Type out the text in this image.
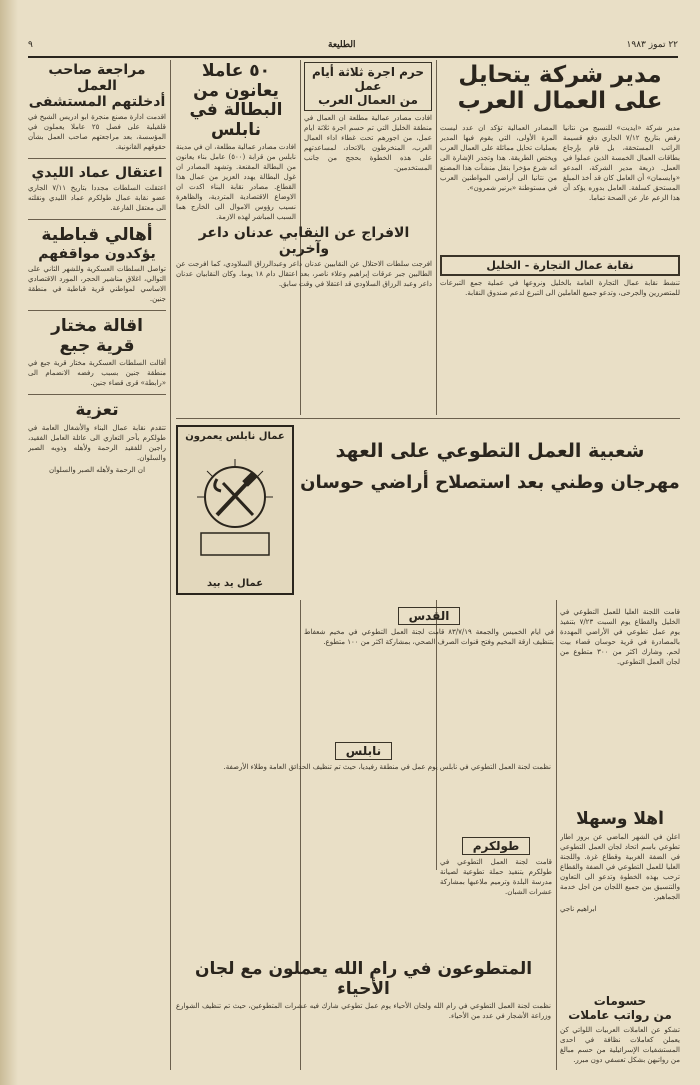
٢٢ تموز ١٩٨٣
الطليعة
٩

مدير شركة يتحايل

على العمال العرب

مدير شركة «ايديت» للنسيج من نتانيا رفض بتاريخ ٧/١٢ الجاري دفع قسيمة الراتب المستحقة، بل قام بإرجاع بطاقات العمال الخمسة الذين عملوا في العمل. ذريعة مدير الشركة، المدعو «وايسمان» أن العامل كان قد أخذ المبلغ المستحق كسلفة. العامل بدوره يؤكد أن هذا الزعم عار عن الصحة تماما.

المصادر العمالية تؤكد ان عدد ليست المرة الأولى، التي يقوم فيها المدير بعمليات تحايل مماثلة على العمال العرب ويختص الطريقة. هذا وتجدر الإشارة الى انه شرع مؤخرا بنقل منشآت هذا المصنع من نتانيا الى أراضي المواطنين العرب في مستوطنة «برنير شمرون».

حرم اجرة ثلاثة أيام عمل

من العمال العرب

افادت مصادر عمالية مطلعة ان العمال في منطقة الخليل التي تم حسم اجرة ثلاثة ايام عمل، من اجورهم تحت غطاء اداء العمال العرب، المنخرطون بالاتحاد، لمساعدتهم على هذه الخطوة بحجج من جانب المستخدمين.

٥٠ عاملا يعانون من

البطالة في نابلس

افادت مصادر عمالية مطلعة، ان في مدينة نابلس من قرابة (٥٠٠) عامل بناء يعانون من البطالة المقنعة. وتشهد المصادر ان غول البطالة يهدد العزيز من عمال هذا القطاع. مصادر نقابة البناء اكدت ان الاوضاع الاقتصادية المتردية، والظاهرة نسيب رؤوس الاموال الى الخارج هما السبب المباشر لهذه الازمة.

نقابة عمال التجارة - الخليل

تنشط نقابة عمال التجارة العامة بالخليل ونروعها في عملية جمع التبرعات للمتضررين والجرحى، وتدعو جميع العاملين الى التبرع لدعم صندوق النقابة.

الافراج عن النقابي عدنان داعر وآخرين

افرجت سلطات الاحتلال عن النقابيين عدنان داعر وعبدالرزاق السلاودي، كما افرجت عن الطالبين جبر عرقات إبراهيم وعلاء ناصر، بعد اعتقال دام ١٨ يوما. وكان النقابيان عدنان داعر وعبد الرزاق السلاودي قد اعتقلا في وقت سابق.

مراجعة صاحب العمل

أدخلتهم المستشفى

اقدمت ادارة مصنع منجرة ابو ادريس الشيخ في قلقيلية على فصل ٢٥ عاملا يعملون في المؤسسة، بعد مراجعتهم صاحب العمل بشأن حقوقهم القانونية.

اعتقال عماد الليدي

اعتقلت السلطات مجددا بتاريخ ٧/١١ الجاري عضو نقابة عمال طولكرم عماد الليدي ونقلته الى معتقل الفارعة.

أهالي قباطية

يؤكدون مواقفهم

تواصل السلطات العسكرية وللشهر الثاني على التوالي، اغلاق مناشير الحجر، المورد الاقتصادي الاساسي لمواطني قرية قباطية في منطقة جنين.

اقالة مختار

قرية جبع

أقالت السلطات العسكرية مختار قرية جبع في منطقة جنين بسبب رفضه الانضمام الى «رابطة» قرى قضاء جنين.

تعزية

تتقدم نقابة عمال البناء والأشغال العامة في طولكرم بأحر التعازي الى عائلة العامل الفقيد، راجين للفقيد الرحمة ولأهله وذويه الصبر والسلوان.

ان الرحمة ولأهله الصبر والسلوان

عمال نابلس يعمرون
عمال يد بيد
شعبية العمل التطوعي على العهد
مهرجان وطني بعد استصلاح أراضي حوسان

قامت اللجنة العليا للعمل التطوعي في الخليل والقطاع يوم السبت ٧/٢٣ بتنفيذ يوم عمل تطوعي في الأراضي المهددة بالمصادرة في قرية حوسان قضاء بيت لحم. وشارك اكثر من ٣٠٠ متطوع من لجان العمل التطوعي.

القدس

في ايام الخميس والجمعة ٨٣/٧/١٩ قامت لجنة العمل التطوعي في مخيم شعفاط بتنظيف ازقة المخيم وفتح قنوات الصرف الصحي، بمشاركة اكثر من ١٠٠ متطوع.

نابلس

نظمت لجنة العمل التطوعي في نابلس يوم عمل في منطقة رفيديا، حيث تم تنظيف الحدائق العامة وطلاء الأرصفة.

طولكرم

قامت لجنة العمل التطوعي في طولكرم بتنفيذ حملة تطوعية لصيانة مدرسة البلدة وترميم ملاعبها بمشاركة عشرات الشبان.

أهلا وسهلا

اعلن في الشهر الماضي عن بروز اطار تطوعي باسم اتحاد لجان العمل التطوعي في الضفة الغربية وقطاع غزة. واللجنة العليا للعمل التطوعي في الضفة والقطاع ترحب بهذه الخطوة وتدعو الى التعاون والتنسيق بين جميع اللجان من اجل خدمة الجماهير.

ابراهيم ناجي

المتطوعون في رام الله يعملون مع لجان الأحياء

نظمت لجنة العمل التطوعي في رام الله ولجان الأحياء يوم عمل تطوعي شارك فيه عشرات المتطوعين، حيث تم تنظيف الشوارع وزراعة الأشجار في عدد من الأحياء.

حسومات

من رواتب عاملات

تشكو عن العاملات العربيات اللواتي كن يعملن كعاملات نظافة في احدى المستشفيات الإسرائيلية من حسم مبالغ من رواتبهن بشكل تعسفي دون مبرر.
